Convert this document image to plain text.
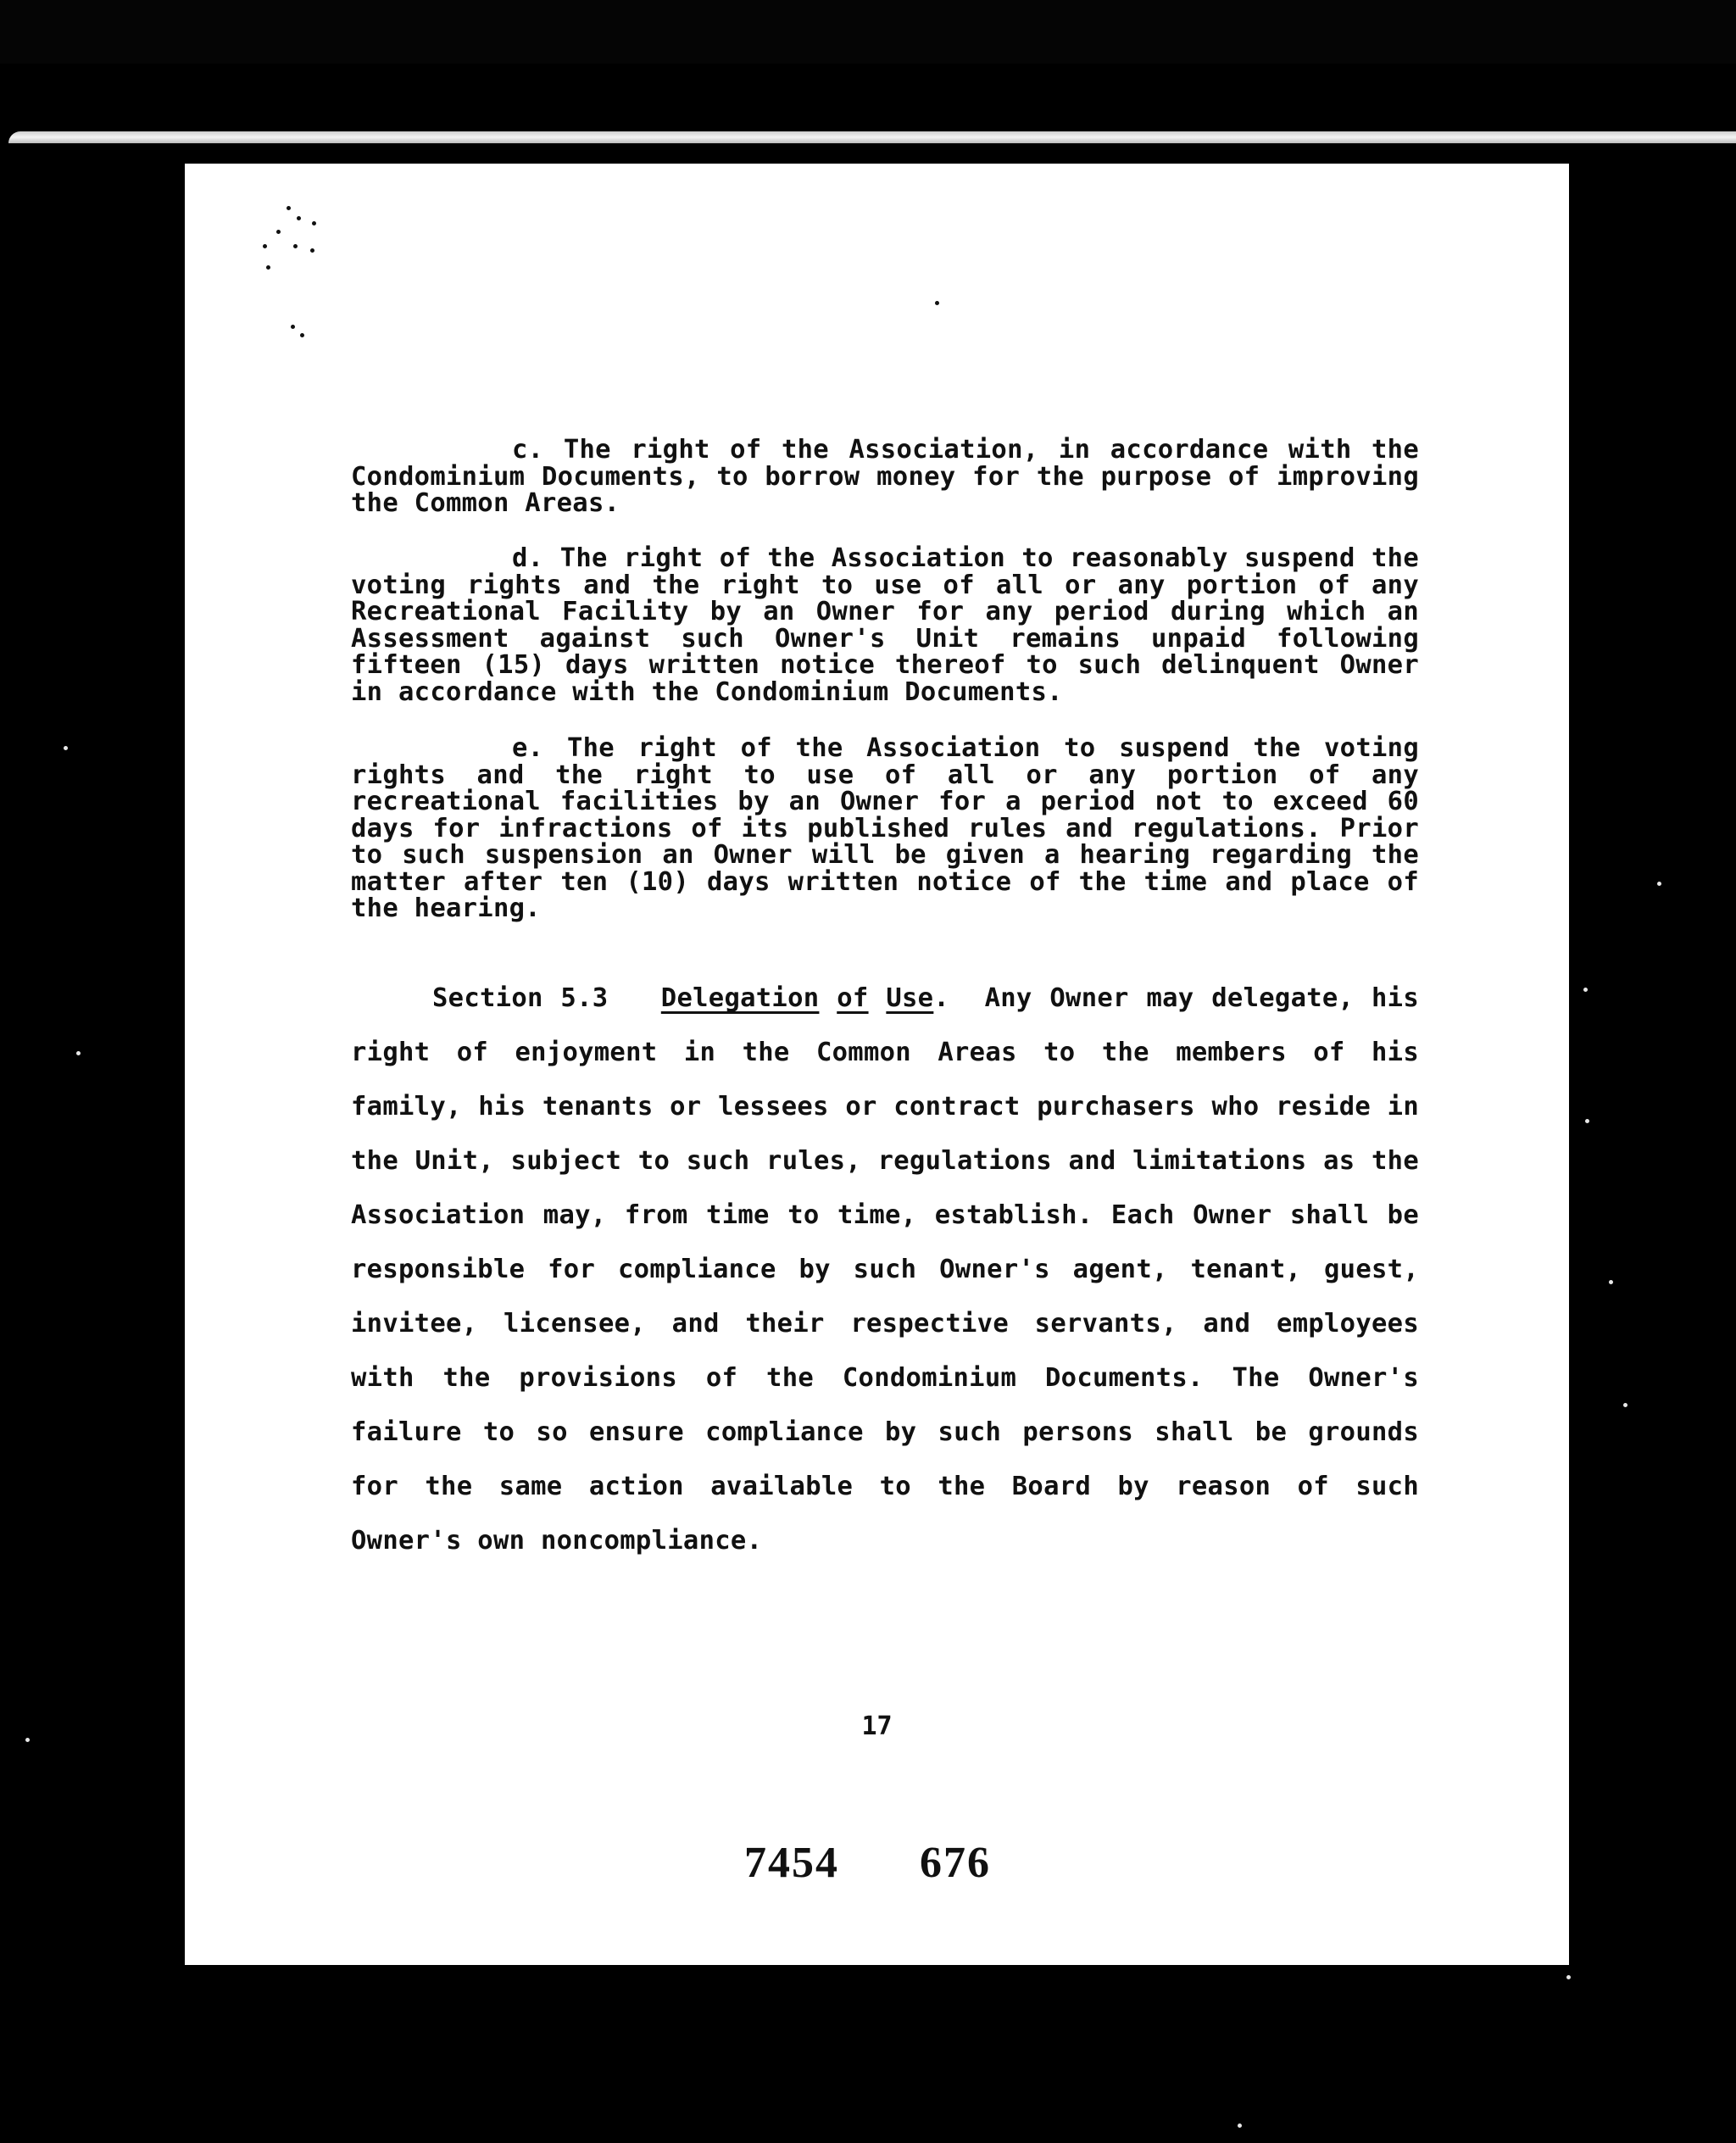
c. The right of the Association, in accordance with the Condominium Documents, to borrow money for the purpose of improving the Common Areas.
d. The right of the Association to reasonably suspend the voting rights and the right to use of all or any portion of any Recreational Facility by an Owner for any period during which an Assessment against such Owner's Unit remains unpaid following fifteen (15) days written notice thereof to such delinquent Owner in accordance with the Condominium Documents.
e. The right of the Association to suspend the voting rights and the right to use of all or any portion of any recreational facilities by an Owner for a period not to exceed 60 days for infractions of its published rules and regulations. Prior to such suspension an Owner will be given a hearing regarding the matter after ten (10) days written notice of the time and place of the hearing.
Section 5.3 Delegation of Use.  Any Owner may delegate, his right of enjoyment in the Common Areas to the members of his family, his tenants or lessees or contract purchasers who reside in the Unit, subject to such rules, regulations and limitations as the Association may, from time to time, establish. Each Owner shall be responsible for compliance by such Owner's agent, tenant, guest, invitee, licensee, and their respective servants, and employees with the provisions of the Condominium Documents. The Owner's failure to so ensure compliance by such persons shall be grounds for the same action available to the Board by reason of such Owner's own noncompliance.
17
7454 676
